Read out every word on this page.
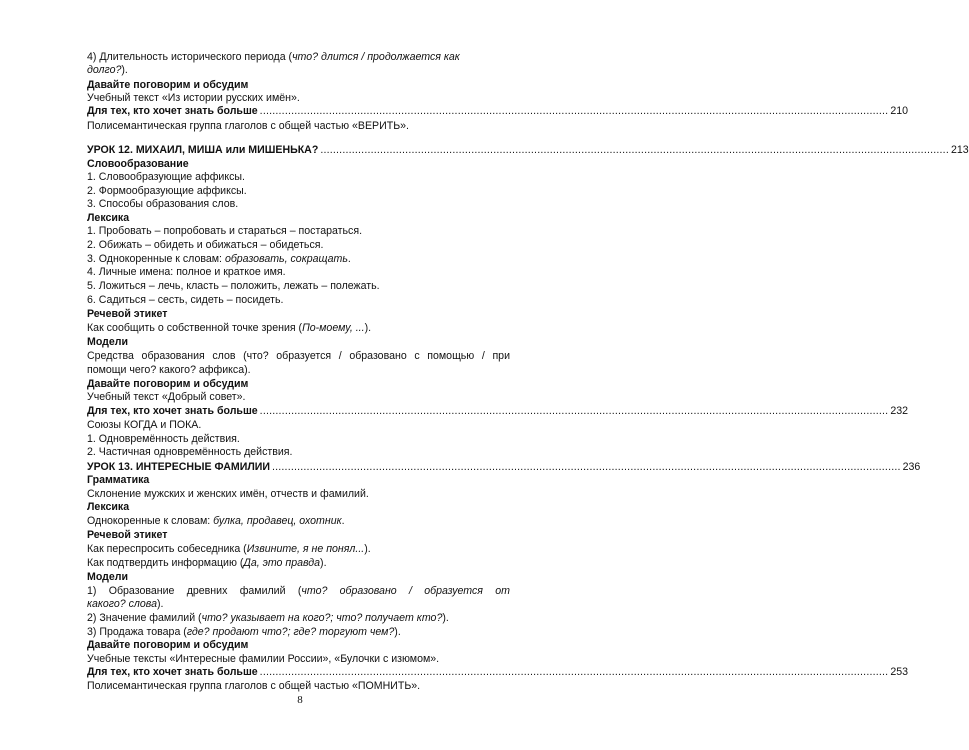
4) Длительность исторического периода (что? длится / продолжается как
долго?).
Давайте поговорим и обсудим
Учебный текст «Из истории русских имён».
Для тех, кто хочет знать больше ........................................................................................................................................................................................................ 210
Полисемантическая группа глаголов с общей частью «ВЕРИТЬ».
УРОК 12. МИХАИЛ, МИША или МИШЕНЬКА? ........................................................................................................................................................................................................ 213
Словообразование
1. Словообразующие аффиксы.
2. Формообразующие аффиксы.
3. Способы образования слов.
Лексика
1. Пробовать – попробовать и стараться – постараться.
2. Обижать – обидеть и обижаться – обидеться.
3. Однокоренные к словам: образовать, сокращать.
4. Личные имена: полное и краткое имя.
5. Ложиться – лечь, класть – положить, лежать – полежать.
6. Садиться – сесть, сидеть – посидеть.
Речевой этикет
Как сообщить о собственной точке зрения (По-моему, ...).
Модели
Средства образования слов (что? образуется / образовано с помощью / при
помощи чего? какого? аффикса).
Давайте поговорим и обсудим
Учебный текст «Добрый совет».
Для тех, кто хочет знать больше ........................................................................................................................................................................................................ 232
Союзы КОГДА и ПОКА.
1. Одновремённость действия.
2. Частичная одновремённость действия.
УРОК 13. ИНТЕРЕСНЫЕ ФАМИЛИИ ........................................................................................................................................................................................................ 236
Грамматика
Склонение мужских и женских имён, отчеств и фамилий.
Лексика
Однокоренные к словам: булка, продавец, охотник.
Речевой этикет
Как переспросить собеседника (Извините, я не понял...).
Как подтвердить информацию (Да, это правда).
Модели
1) Образование древних фамилий (что? образовано / образуется от
какого? слова).
2) Значение фамилий (что? указывает на кого?; что? получает кто?).
3) Продажа товара (где? продают что?; где? торгуют чем?).
Давайте поговорим и обсудим
Учебные тексты «Интересные фамилии России», «Булочки с изюмом».
Для тех, кто хочет знать больше ........................................................................................................................................................................................................ 253
Полисемантическая группа глаголов с общей частью «ПОМНИТЬ».
8
